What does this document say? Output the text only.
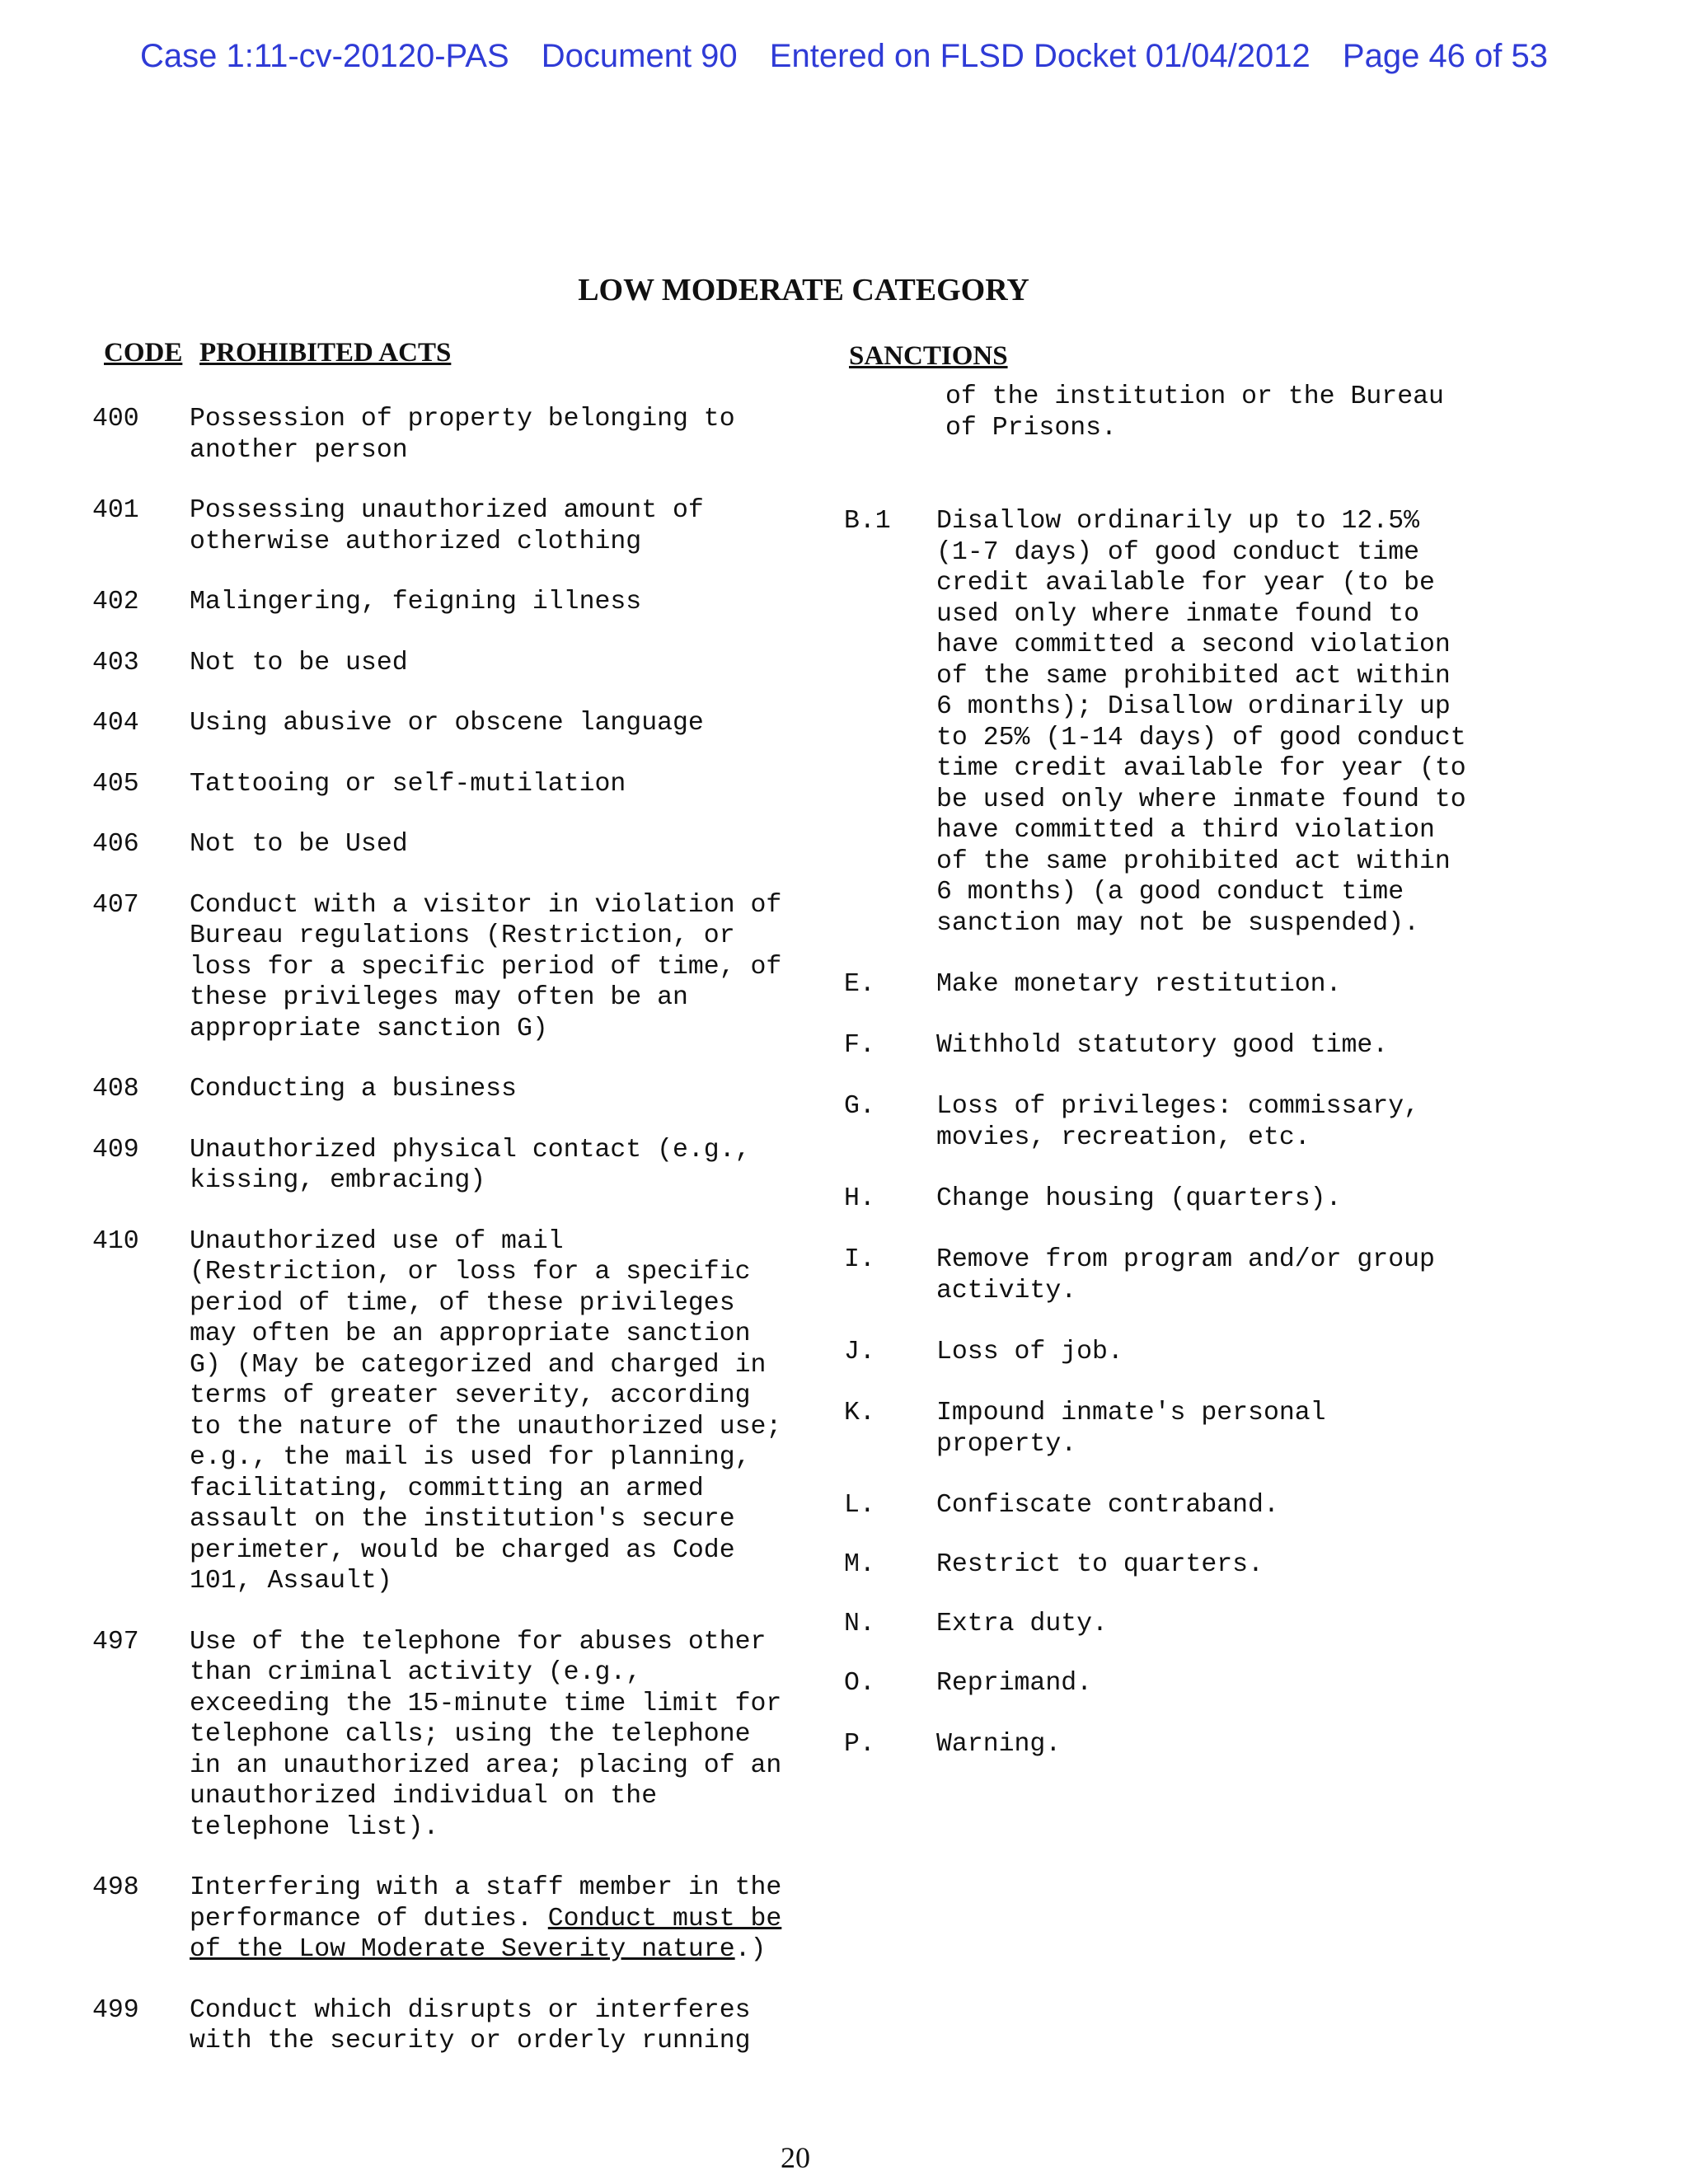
Case 1:11-cv-20120-PAS Document 90 Entered on FLSD Docket 01/04/2012 Page 46 of 53
LOW MODERATE CATEGORY
CODE PROHIBITED ACTS	SANCTIONS
400	Possession of property belonging to
another person
401	Possessing unauthorized amount of
otherwise authorized clothing
402	Malingering, feigning illness
403	Not to be used
404	Using abusive or obscene language
405	Tattooing or self-mutilation
406	Not to be Used
407	Conduct with a visitor in violation of
Bureau regulations (Restriction, or
loss for a specific period of time, of
these privileges may often be an
appropriate sanction G)
408	Conducting a business
409	Unauthorized physical contact (e.g.,
kissing, embracing)
410	Unauthorized use of mail
(Restriction, or loss for a specific
period of time, of these privileges
may often be an appropriate sanction
G) (May be categorized and charged in
terms of greater severity, according
to the nature of the unauthorized use;
e.g., the mail is used for planning,
facilitating, committing an armed
assault on the institution's secure
perimeter, would be charged as Code
101, Assault)
497	Use of the telephone for abuses other
than criminal activity (e.g.,
exceeding the 15-minute time limit for
telephone calls; using the telephone
in an unauthorized area; placing of an
unauthorized individual on the
telephone list).
498	Interfering with a staff member in the
performance of duties. Conduct must be
of the Low Moderate Severity nature.)
499	Conduct which disrupts or interferes
with the security or orderly running
of the institution or the Bureau
of Prisons.
B.1	Disallow ordinarily up to 12.5%
(1-7 days) of good conduct time
credit available for year (to be
used only where inmate found to
have committed a second violation
of the same prohibited act within
6 months); Disallow ordinarily up
to 25% (1-14 days) of good conduct
time credit available for year (to
be used only where inmate found to
have committed a third violation
of the same prohibited act within
6 months) (a good conduct time
sanction may not be suspended).
E.	Make monetary restitution.
F.	Withhold statutory good time.
G.	Loss of privileges: commissary,
movies, recreation, etc.
H.	Change housing (quarters).
I.	Remove from program and/or group
activity.
J.	Loss of job.
K.	Impound inmate's personal
property.
L.	Confiscate contraband.
M.	Restrict to quarters.
N.	Extra duty.
O.	Reprimand.
P.	Warning.
20
